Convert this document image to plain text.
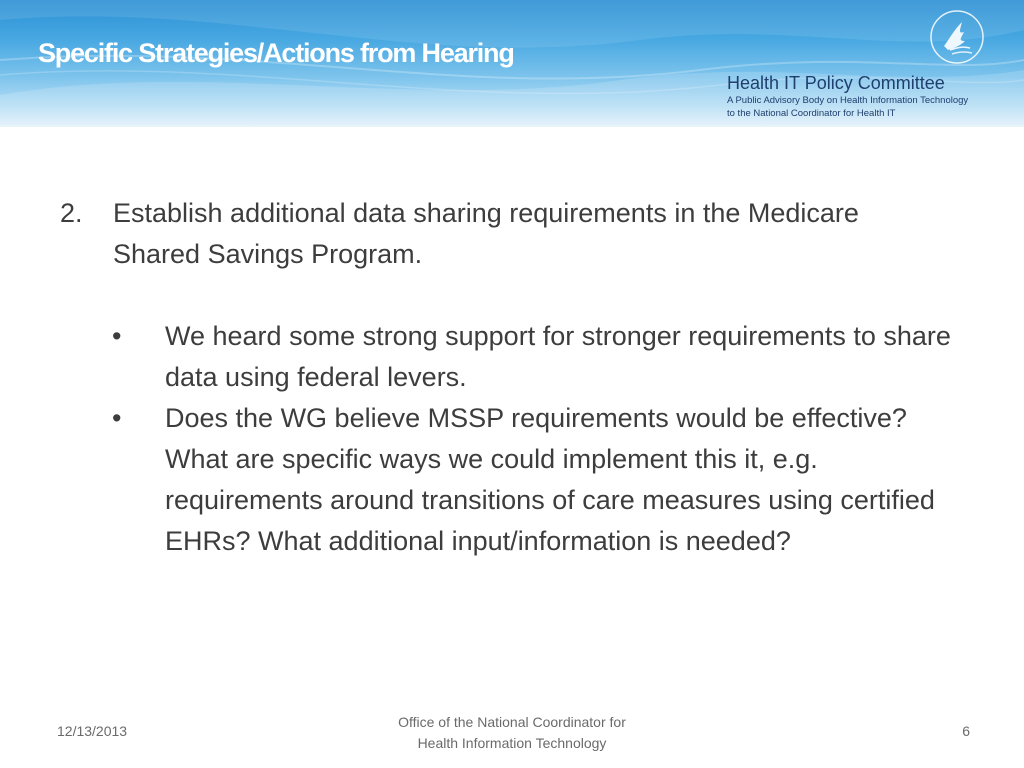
Specific Strategies/Actions from Hearing
Health IT Policy Committee
A Public Advisory Body on Health Information Technology
to the National Coordinator for Health IT
2. Establish additional data sharing requirements in the Medicare Shared Savings Program.
• We heard some strong support for stronger requirements to share data using federal levers.
• Does the WG believe MSSP requirements would be effective? What are specific ways we could implement this it, e.g. requirements around transitions of care measures using certified EHRs? What additional input/information is needed?
12/13/2013
Office of the National Coordinator for
Health Information Technology
6
